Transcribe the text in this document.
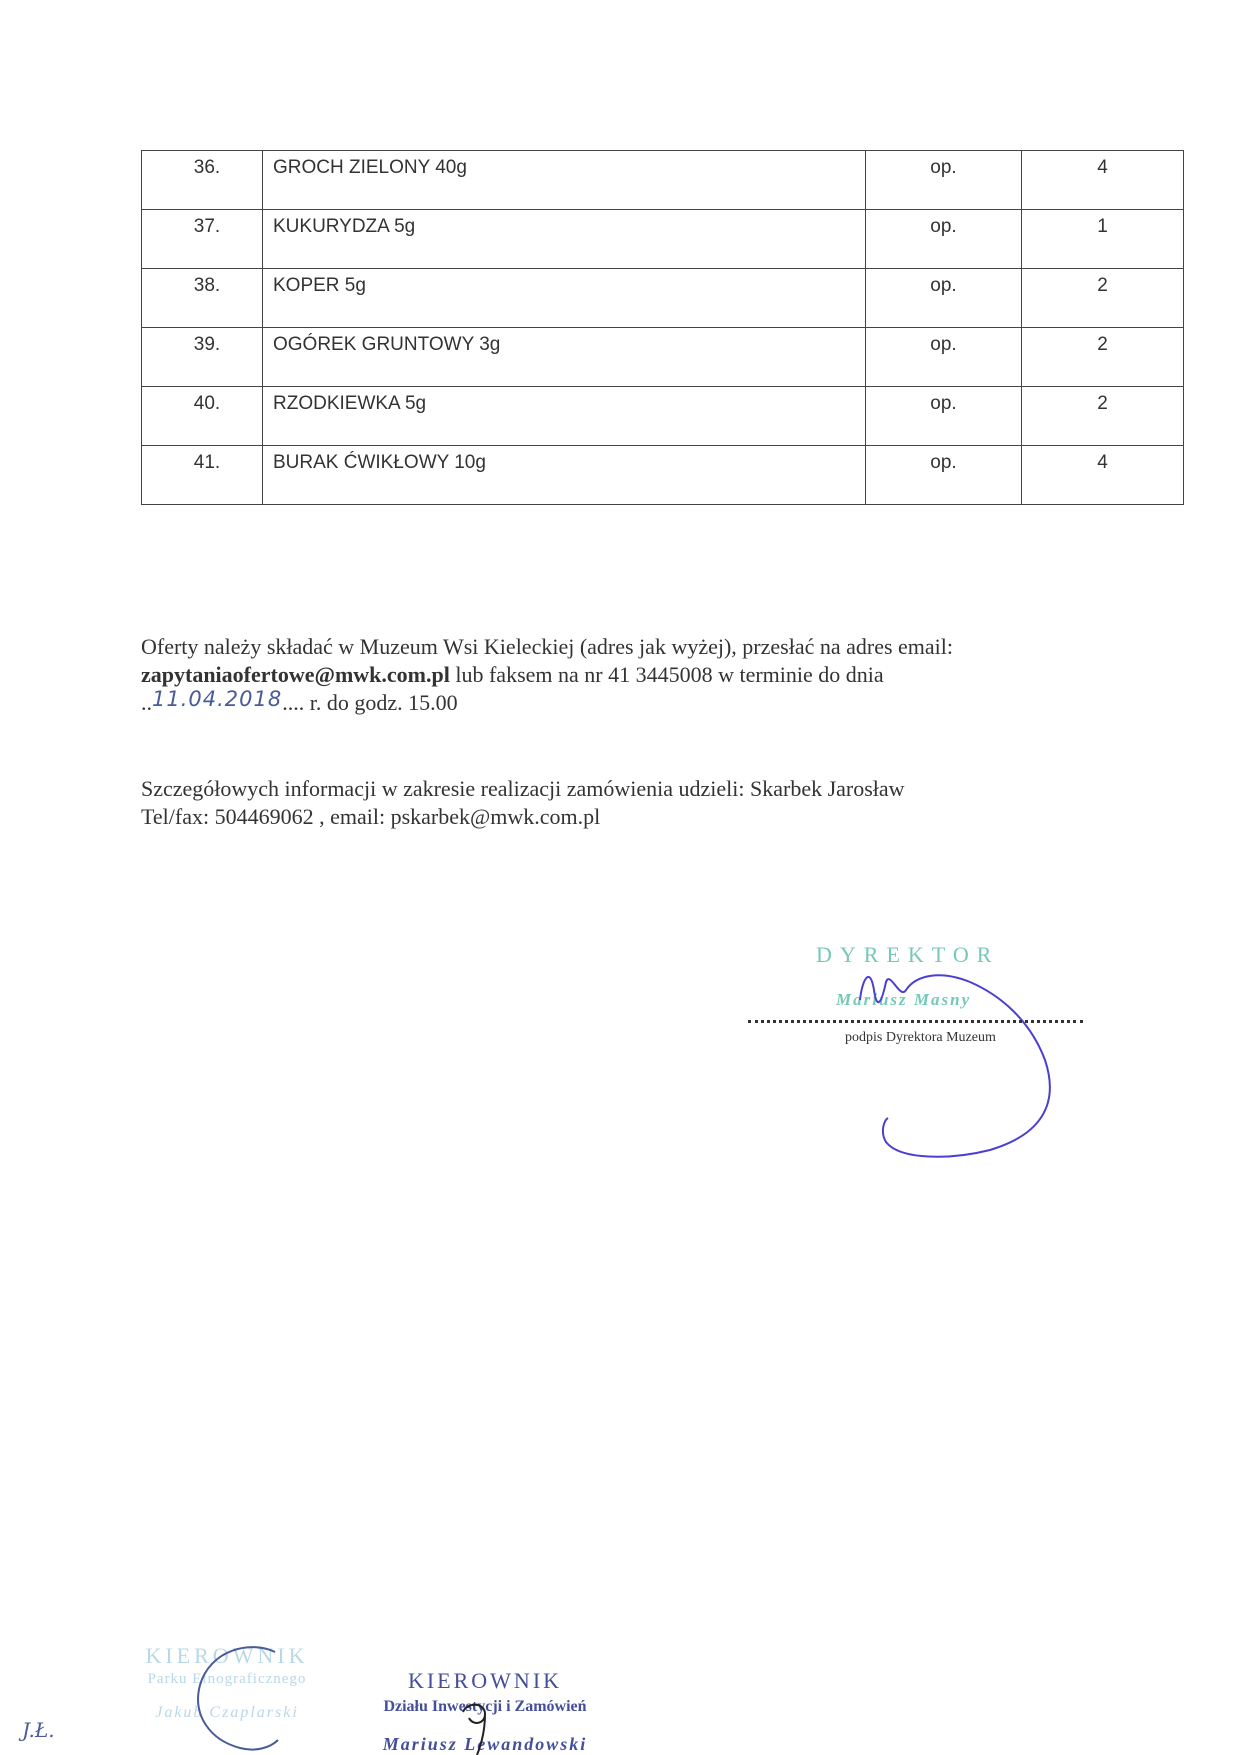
36.	GROCH ZIELONY 40g	op.	4
37.	KUKURYDZA 5g	op.	1
38.	KOPER 5g	op.	2
39.	OGÓREK GRUNTOWY 3g	op.	2
40.	RZODKIEWKA 5g	op.	2
41.	BURAK ĆWIKŁOWY 10g	op.	4
Oferty należy składać w Muzeum Wsi Kieleckiej (adres jak wyżej), przesłać na adres email:
zapytaniaofertowe@mwk.com.pl lub faksem na nr 41 3445008 w terminie do dnia
..11.04.2018.... r. do godz. 15.00
Szczegółowych informacji w zakresie realizacji zamówienia udzieli: Skarbek Jarosław
Tel/fax: 504469062 , email: pskarbek@mwk.com.pl
DYREKTOR
Mariusz Masny
podpis Dyrektora Muzeum
KIEROWNIK
Parku Etnograficznego
Jakub Czaplarski
KIEROWNIK
Działu Inwestycji i Zamówień
Mariusz Lewandowski
J.Ł.
